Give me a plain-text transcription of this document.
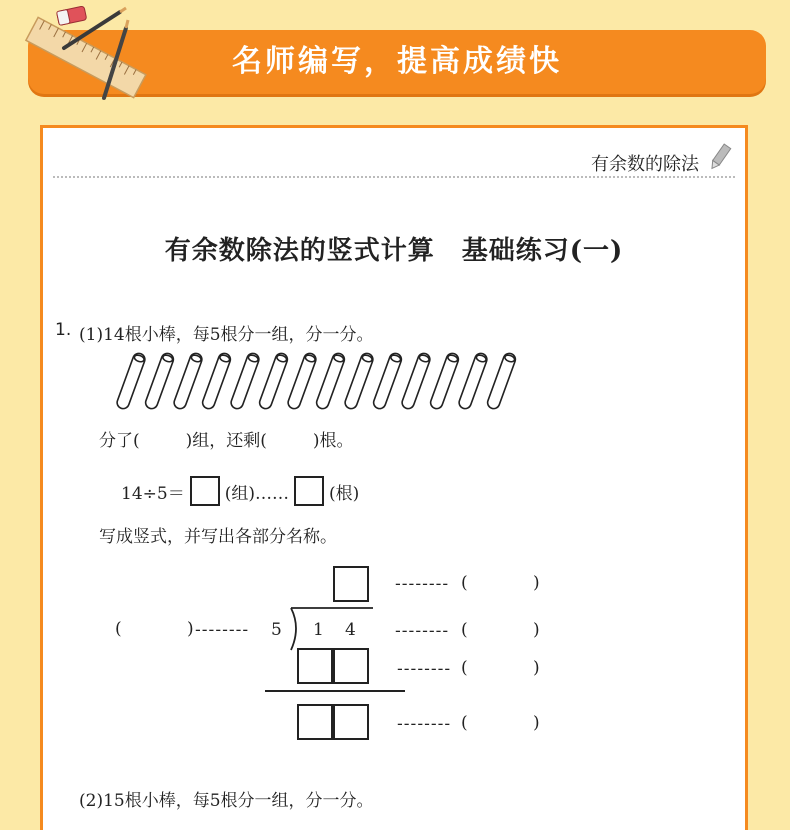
名师编写，提高成绩快
有余数的除法
有余数除法的竖式计算　基础练习(一)
1. (1)14根小棒，每5根分一组，分一分。
分了(	)组，还剩(	)根。
14÷5＝ (组)…… (根)
写成竖式，并写出各部分名称。
-------- (	)
(	) -------- 5 1 4 -------- (	)
-------- (	)
-------- (	)
(2)15根小棒，每5根分一组，分一分。
